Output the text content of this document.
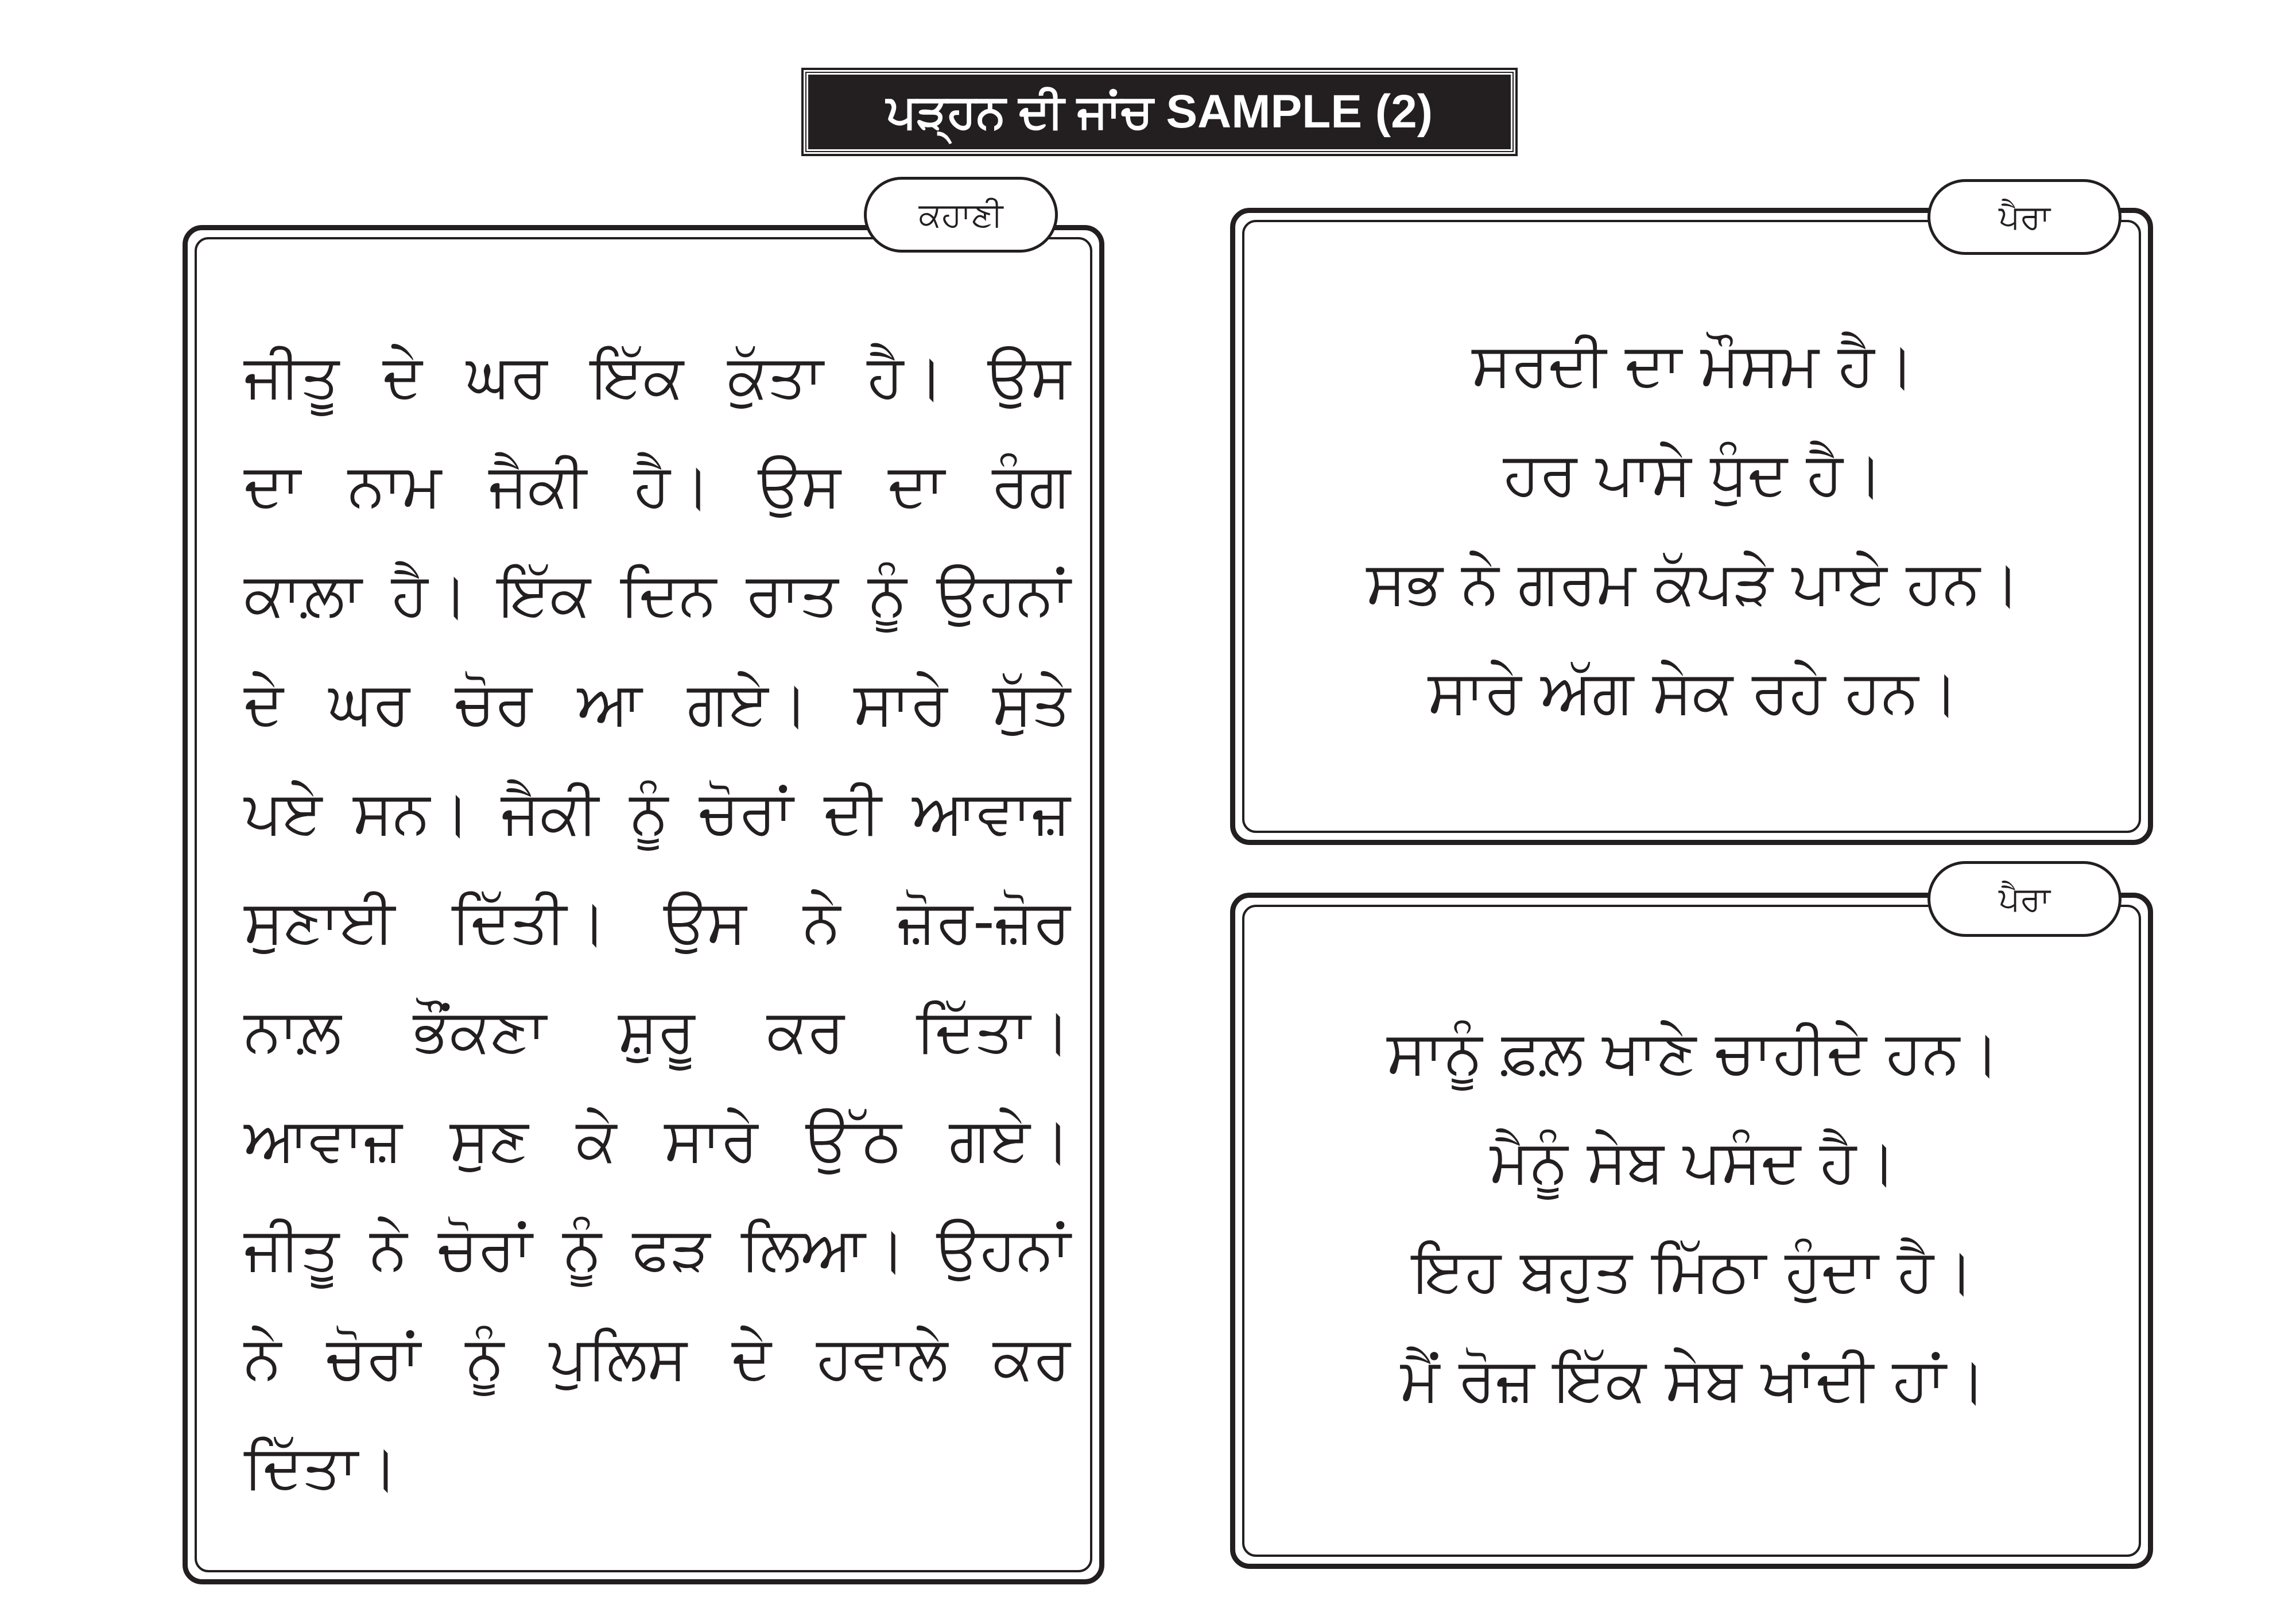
ਪੜ੍ਹਨ ਦੀ ਜਾਂਚ SAMPLE (2)
ਕਹਾਣੀ
ਜੀਤੂ ਦੇ ਘਰ ਇੱਕ ਕੁੱਤਾ ਹੈ। ਉਸ
ਦਾ ਨਾਮ ਜੈਕੀ ਹੈ। ਉਸ ਦਾ ਰੰਗ
ਕਾਲ਼ਾ ਹੈ। ਇੱਕ ਦਿਨ ਰਾਤ ਨੂੰ ਉਹਨਾਂ
ਦੇ ਘਰ ਚੋਰ ਆ ਗਏ। ਸਾਰੇ ਸੁੱਤੇ
ਪਏ ਸਨ। ਜੈਕੀ ਨੂੰ ਚੋਰਾਂ ਦੀ ਆਵਾਜ਼
ਸੁਣਾਈ ਦਿੱਤੀ। ਉਸ ਨੇ ਜ਼ੋਰ-ਜ਼ੋਰ
ਨਾਲ਼ ਭੌਂਕਣਾ ਸ਼ੁਰੂ ਕਰ ਦਿੱਤਾ।
ਆਵਾਜ਼ ਸੁਣ ਕੇ ਸਾਰੇ ਉੱਠ ਗਏ।
ਜੀਤੂ ਨੇ ਚੋਰਾਂ ਨੂੰ ਫੜ ਲਿਆ। ਉਹਨਾਂ
ਨੇ ਚੋਰਾਂ ਨੂੰ ਪੁਲਿਸ ਦੇ ਹਵਾਲੇ ਕਰ
ਦਿੱਤਾ।
ਪੈਰਾ
ਸਰਦੀ ਦਾ ਮੌਸਮ ਹੈ।
ਹਰ ਪਾਸੇ ਧੁੰਦ ਹੈ।
ਸਭ ਨੇ ਗਰਮ ਕੱਪੜੇ ਪਾਏ ਹਨ।
ਸਾਰੇ ਅੱਗ ਸੇਕ ਰਹੇ ਹਨ।
ਪੈਰਾ
ਸਾਨੂੰ ਫ਼ਲ਼ ਖਾਣੇ ਚਾਹੀਦੇ ਹਨ।
ਮੈਨੂੰ ਸੇਬ ਪਸੰਦ ਹੈ।
ਇਹ ਬਹੁਤ ਮਿੱਠਾ ਹੁੰਦਾ ਹੈ।
ਮੈਂ ਰੋਜ਼ ਇੱਕ ਸੇਬ ਖਾਂਦੀ ਹਾਂ।
